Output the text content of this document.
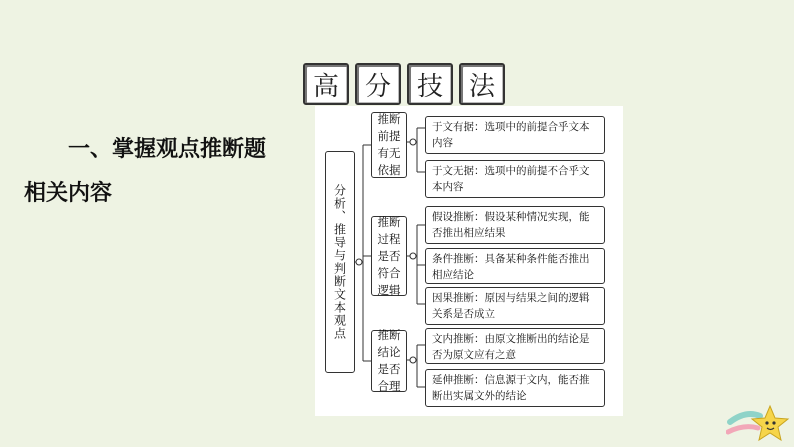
高 分 技 法
一、掌握观点推断题
相关内容	分析、推导与判断文本观点
推断前提有无依据
推断过程是否符合逻辑
推断结论是否合理
于文有据：选项中的前提合乎文本内容
于文无据：选项中的前提不合乎文本内容
假设推断：假设某种情况实现，能否推出相应结果
条件推断：具备某种条件能否推出相应结论
因果推断：原因与结果之间的逻辑关系是否成立
文内推断：由原文推断出的结论是否为原文应有之意
延伸推断：信息源于文内，能否推断出实属文外的结论
